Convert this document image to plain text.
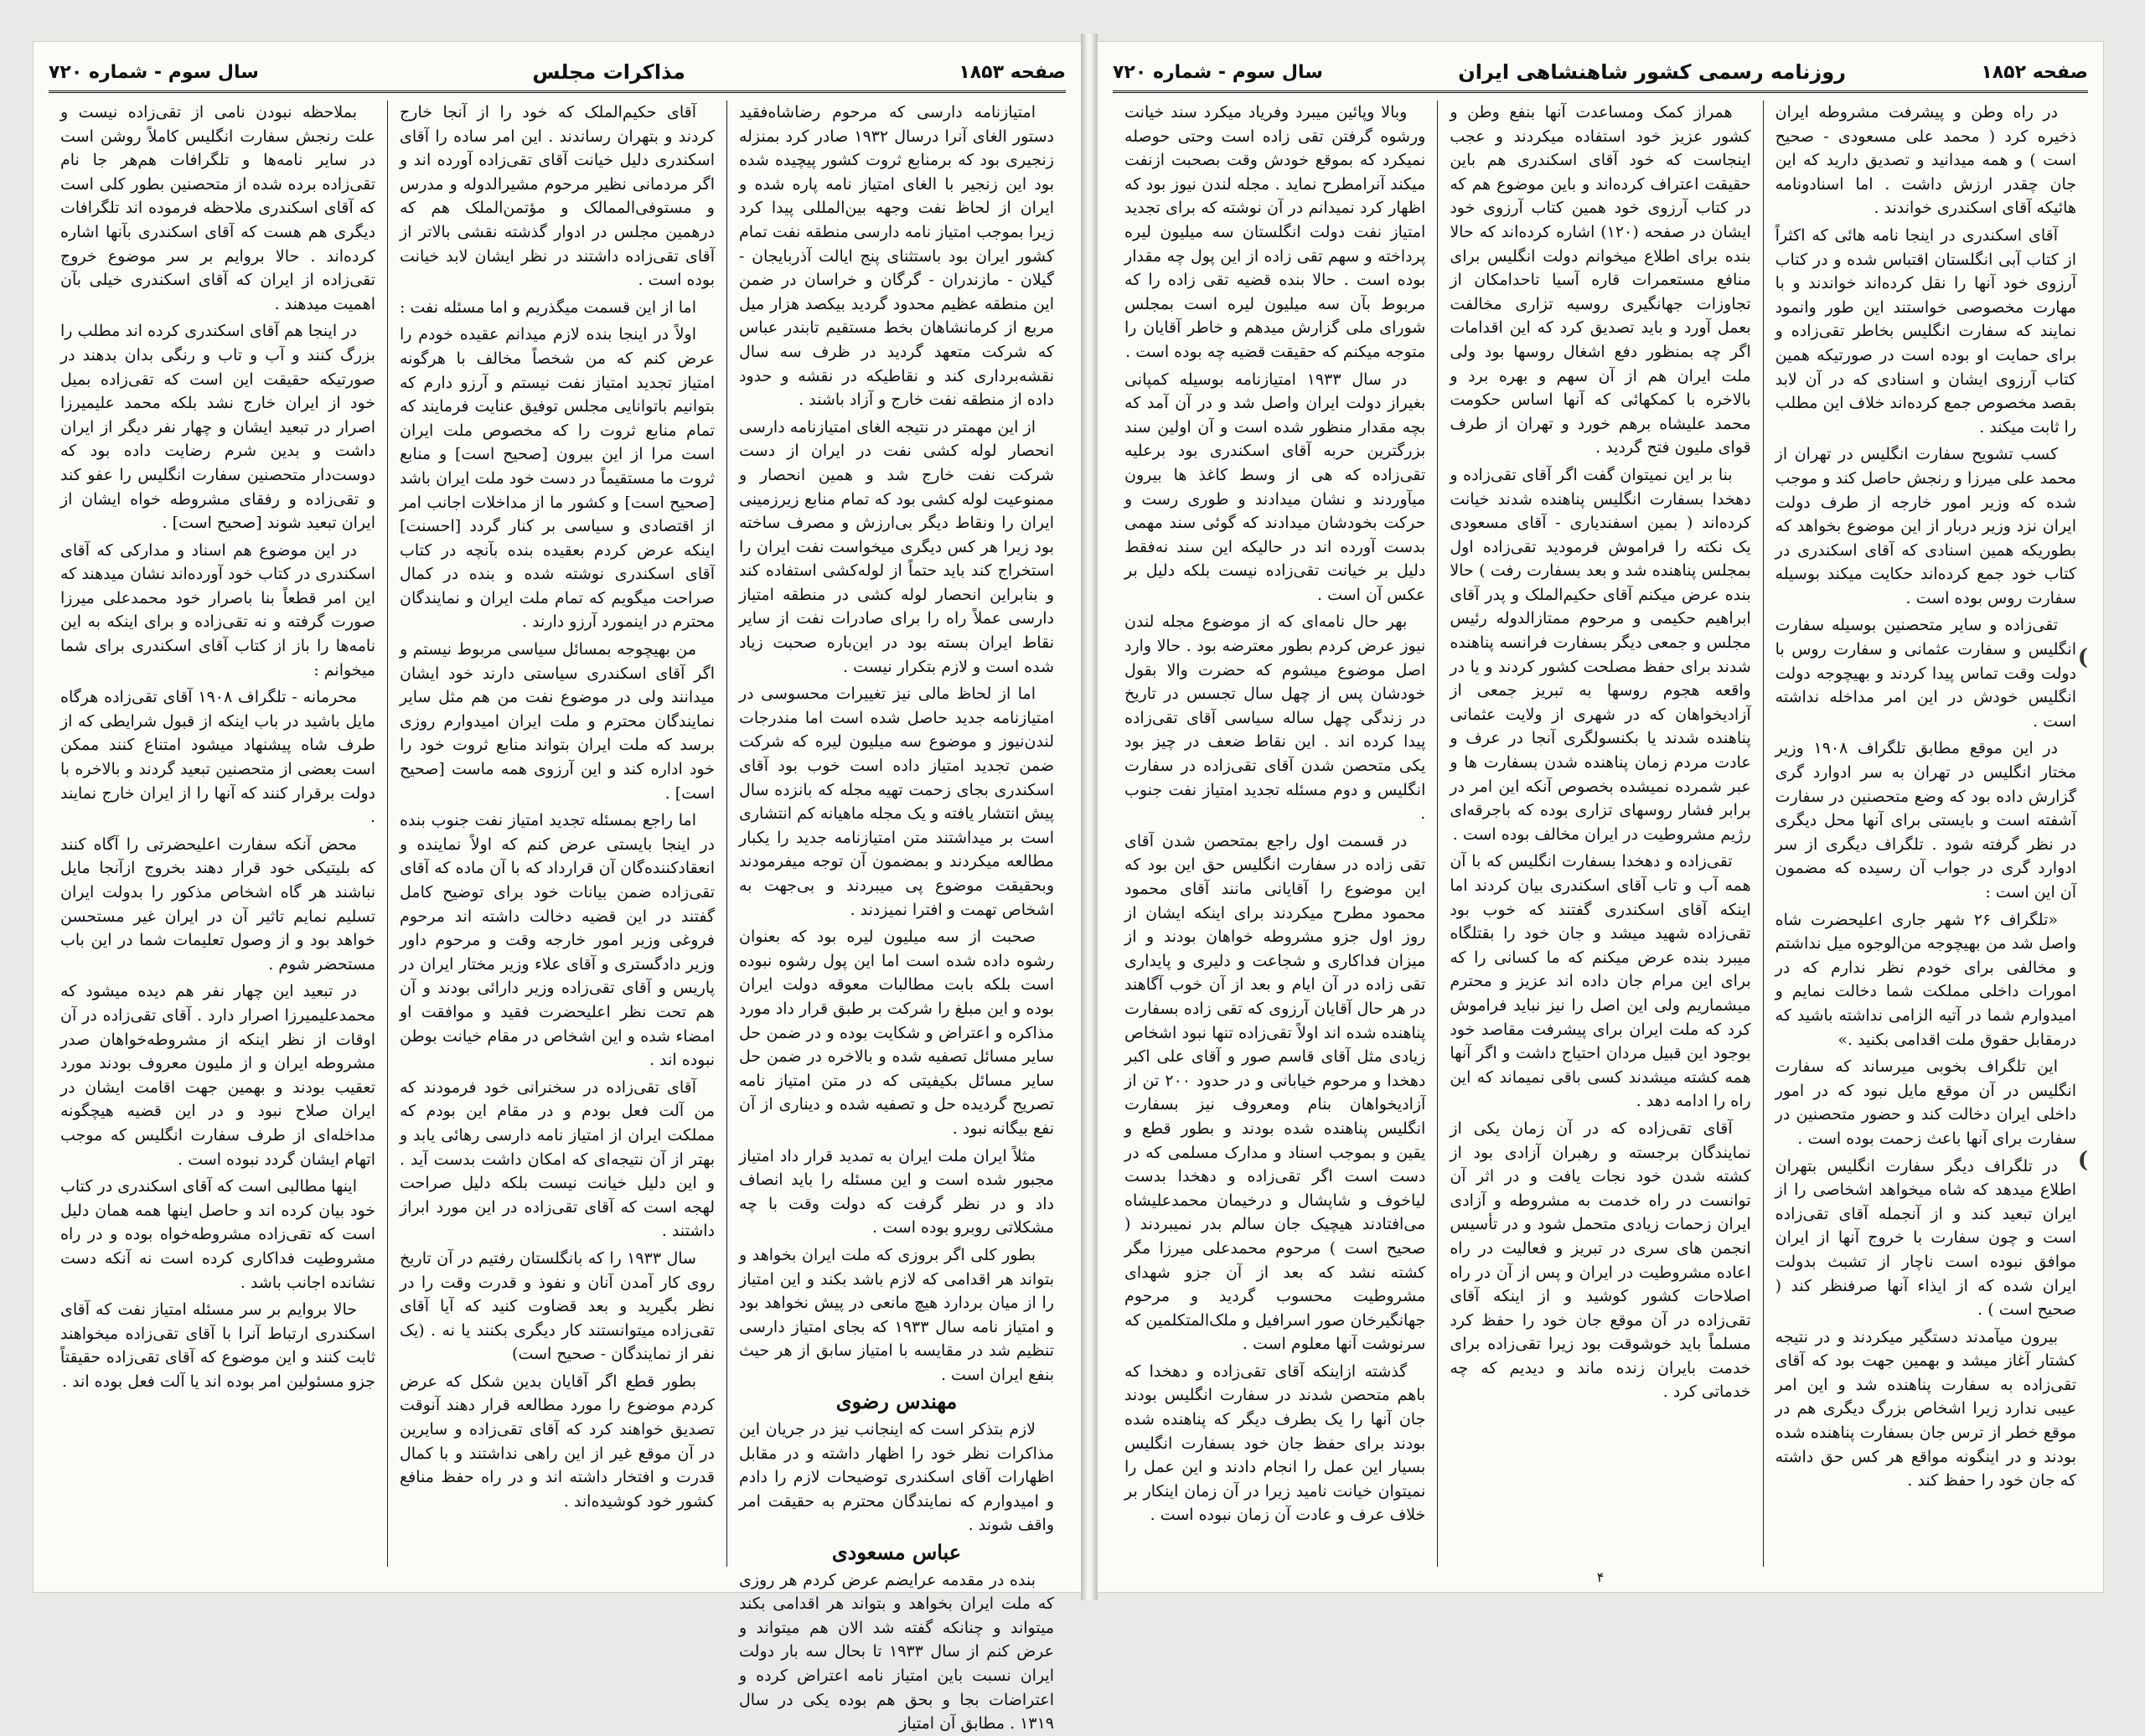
صفحه ۱۸۵۳
مذاکرات مجلس
سال سوم - شماره ۷۲۰

‏امتیازنامه دارسی که مرحوم رضاشاه‌فقید دستور الغای آنرا درسال ۱۹۳۲ صادر کرد بمنزله زنجیری بود که برمنابع ثروت کشور پیچیده شده بود این زنجیر با الغای امتیاز نامه پاره شده و ایران از لحاظ نفت وجهه بین‌المللی پیدا کرد زیرا بموجب امتیاز نامه دارسی منطقه نفت تمام کشور ایران بود باستثنای پنج ایالت آذربایجان - گیلان - مازندران - گرگان و خراسان در ضمن این منطقه عظیم محدود گردید بیکصد هزار میل مربع از کرمانشاهان بخط مستقیم تابندر عباس که شرکت متعهد گردید در ظرف سه سال نقشه‌برداری کند و نقاطیکه در نقشه و حدود داده از منطقه نفت خارج و آزاد باشند .

از این مهمتر در نتیجه الغای امتیازنامه دارسی انحصار لوله کشی نفت در ایران از دست شرکت نفت خارج شد و همین انحصار و ممنوعیت لوله کشی بود که تمام منابع زیرزمینی ایران را ونقاط دیگر بی‌ارزش و مصرف ساخته بود زیرا هر کس دیگری میخواست نفت ایران را استخراج کند باید حتماً از لوله‌کشی استفاده کند و بنابراین انحصار لوله کشی در منطقه امتیاز دارسی عملاً راه را برای صادرات نفت از سایر نقاط ایران بسته بود در این‌باره صحبت زیاد شده است و لازم بتکرار نیست .

اما از لحاظ مالی نیز تغییرات محسوسی در امتیازنامه جدید حاصل شده است اما مندرجات لندن‌نیوز و موضوع سه میلیون لیره که شرکت ضمن تجدید امتیاز داده است خوب بود آقای اسکندری بجای زحمت تهیه مجله که بانزده سال پیش انتشار یافته و یک مجله ماهیانه کم انتشاری است بر میداشتند متن امتیازنامه جدید را یکبار مطالعه میکردند و بمضمون آن توجه میفرمودند وبحقیقت موضوع پی میبردند و بی‌جهت به اشخاص تهمت و افترا نمیزدند .

صحبت از سه میلیون لیره بود که بعنوان رشوه داده شده است اما این پول رشوه نبوده است بلکه بابت مطالبات معوقه دولت ایران بوده و این مبلغ را شرکت بر طبق قرار داد مورد مذاکره و اعتراض و شکایت بوده و در ضمن حل سایر مسائل تصفیه شده و بالاخره در ضمن حل سایر مسائل بکیفیتی که در متن امتیاز نامه تصریح گردیده حل و تصفیه شده و دیناری از آن نفع بیگانه نبود .

مثلاً ایران ملت ایران به تمدید قرار داد امتیاز مجبور شده است و این مسئله را باید انصاف داد و در نظر گرفت که دولت وقت با چه مشکلاتی روبرو بوده است .

‏بطور کلی اگر بروزی که ملت ایران بخواهد و بتواند هر اقدامی که لازم باشد بکند و این امتیاز را از میان بردارد هیچ مانعی در پیش نخواهد بود و امتیاز نامه سال ۱۹۳۳ که بجای امتیاز دارسی تنظیم شد در مقایسه با امتیاز سابق از هر حیث بنفع ایران است .

مهندس رضوی

‏لازم بتذکر است که اینجانب نیز در جریان این مذاکرات نظر خود را اظهار داشته و در مقابل اظهارات آقای اسکندری توضیحات لازم را دادم و امیدوارم که نمایندگان محترم به حقیقت امر واقف شوند .

عباس مسعودی

بنده در مقدمه عرایضم عرض کردم هر روزی که ملت ایران بخواهد و بتواند هر اقدامی بکند میتواند و چنانکه گفته شد الان هم میتواند و عرض کنم از سال ۱۹۳۳ تا بحال سه بار دولت ایران نسبت باین امتیاز نامه اعتراض کرده و اعتراضات بجا و بحق هم بوده یکی در سال ۱۳۱۹ . مطابق آن امتیاز

‏آقای حکیم‌الملک که خود را از آنجا خارج کردند و بتهران رساندند . این امر ساده را آقای اسکندری دلیل خیانت آقای تقی‌زاده آورده اند و اگر مردمانی نظیر مرحوم مشیرالدوله و مدرس و مستوفی‌الممالک و مؤتمن‌الملک هم که درهمین مجلس در ادوار گذشته نقشی بالاتر از آقای تقی‌زاده داشتند در نظر ایشان لابد خیانت بوده است .

اما از این قسمت میگذریم و اما مسئله نفت :

اولاً در اینجا بنده لازم میدانم عقیده خودم را عرض کنم که من شخصاً مخالف با هرگونه امتیاز تجدید امتیاز نفت نیستم و آرزو دارم که بتوانیم باتوانایی مجلس توفیق عنایت فرمایند که تمام منابع ثروت را که مخصوص ملت ایران است مرا از این بیرون [صحیح است] و منابع ثروت ما مستقیماً در دست خود ملت ایران باشد [صحیح است] و کشور ما از مداخلات اجانب امر از اقتصادی و سیاسی بر کنار گردد [احسنت] اینکه عرض کردم بعقیده بنده بآنچه در کتاب آقای اسکندری نوشته شده و بنده در کمال صراحت میگویم که تمام ملت ایران و نمایندگان محترم در اینمورد آرزو دارند .

من بهیچوجه بمسائل سیاسی مربوط نیستم و اگر آقای اسکندری سیاستی دارند خود ایشان میدانند ولی در موضوع نفت من هم مثل سایر نمایندگان محترم و ملت ایران امیدوارم روزی برسد که ملت ایران بتواند منابع ثروت خود را خود اداره کند و این آرزوی همه ماست [صحیح است] .

اما راجع بمسئله تجدید امتیاز نفت جنوب بنده در اینجا بایستی عرض کنم که اولاً نماینده و انعقادکننده‌گان آن قرارداد که با آن ماده که آقای تقی‌زاده ضمن بیانات خود برای توضیح کامل گفتند در این قضیه دخالت داشته اند مرحوم فروغی وزیر امور خارجه وقت و مرحوم داور وزیر دادگستری و آقای علاء وزیر مختار ایران در پاریس و آقای تقی‌زاده وزیر دارائی بودند و آن هم تحت نظر اعلیحضرت فقید و موافقت او امضاء شده و این اشخاص در مقام خیانت بوطن نبوده اند .

آقای تقی‌زاده در سخنرانی خود فرمودند که من آلت فعل بودم و در مقام این بودم که مملکت ایران از امتیاز نامه دارسی رهائی یابد و بهتر از آن نتیجه‌ای که امکان داشت بدست آید . و این دلیل خیانت نیست بلکه دلیل صراحت لهجه است که آقای تقی‌زاده در این مورد ابراز داشتند .

سال ۱۹۳۳ را که بانگلستان رفتیم در آن تاریخ روی کار آمدن آنان و نفوذ و قدرت وقت را در نظر بگیرید و بعد قضاوت کنید که آیا آقای تقی‌زاده میتوانستند کار دیگری بکنند یا نه . (یک نفر از نمایندگان - صحیح است)

بطور قطع اگر آقایان بدین شکل که عرض کردم موضوع را مورد مطالعه قرار دهند آنوقت تصدیق خواهند کرد که آقای تقی‌زاده و سایرین در آن موقع غیر از این راهی نداشتند و با کمال قدرت و افتخار داشته اند و در راه حفظ منافع کشور خود کوشیده‌اند .

‏بملاحظه نبودن نامی از تقی‌زاده نیست و علت رنجش سفارت انگلیس کاملاً روشن است در سایر نامه‌ها و تلگرافات هم‌هر جا نام تقی‌زاده برده شده از متحصنین بطور کلی است که آقای اسکندری ملاحظه فرموده اند تلگرافات دیگری هم هست که آقای اسکندری بآنها اشاره کرده‌اند . حالا بروایم بر سر موضوع خروج تقی‌زاده از ایران که آقای اسکندری خیلی بآن اهمیت میدهند .

در اینجا هم آقای اسکندری کرده اند مطلب را بزرگ کنند و آب و تاب و رنگی بدان بدهند در صورتیکه حقیقت این است که تقی‌زاده بمیل خود از ایران خارج نشد بلکه محمد علیمیرزا اصرار در تبعید ایشان و چهار نفر دیگر از ایران داشت و بدین شرم رضایت داده بود که دوست‌دار متحصنین سفارت انگلیس را عفو کند و تقی‌زاده و رفقای مشروطه خواه ایشان از ایران تبعید شوند [صحیح است] .

در این موضوع هم اسناد و مدارکی که آقای اسکندری در کتاب خود آورده‌اند نشان میدهند که این امر قطعاً بنا باصرار خود محمدعلی میرزا صورت گرفته و نه تقی‌زاده و برای اینکه به این نامه‌ها را باز از کتاب آقای اسکندری برای شما میخوانم :

‏محرمانه - تلگراف ۱۹۰۸ آقای تقی‌زاده هرگاه مایل باشید در باب اینکه از قبول شرایطی که از طرف شاه پیشنهاد میشود امتناع کنند ممکن است بعضی از متحصنین تبعید گردند و بالاخره با دولت برقرار کنند که آنها را از ایران خارج نمایند .

محض آنکه سفارت اعلیحضرتی را آگاه کنند که بلیتیکی خود قرار دهند بخروج ازآنجا مایل نباشند هر گاه اشخاص مذکور را بدولت ایران تسلیم نمایم تاثیر آن در ایران غیر مستحسن خواهد بود و از وصول تعلیمات شما در این باب مستحضر شوم .

در تبعید این چهار نفر هم دیده میشود که محمدعلیمیرزا اصرار دارد . آقای تقی‌زاده در آن اوقات از نظر اینکه از مشروطه‌خواهان صدر مشروطه ایران و از ملیون معروف بودند مورد تعقیب بودند و بهمین جهت اقامت ایشان در ایران صلاح نبود و در این قضیه هیچگونه مداخله‌ای از طرف سفارت انگلیس که موجب اتهام ایشان گردد نبوده است .

‏اینها مطالبی است که آقای اسکندری در کتاب خود بیان کرده اند و حاصل اینها همه همان دلیل است که تقی‌زاده مشروطه‌خواه بوده و در راه مشروطیت فداکاری کرده است نه آنکه دست نشانده اجانب باشد .

حالا بروایم بر سر مسئله امتیاز نفت که آقای اسکندری ارتباط آنرا با آقای تقی‌زاده میخواهند ثابت کنند و این موضوع که آقای تقی‌زاده حقیقتاً جزو مسئولین امر بوده اند یا آلت فعل بوده اند .

صفحه ۱۸۵۲
روزنامه رسمی کشور شاهنشاهی ایران
سال سوم - شماره ۷۲۰

‏در راه وطن و پیشرفت مشروطه ایران ذخیره کرد ( محمد علی مسعودی - صحیح است ) و همه میدانید و تصدیق دارید که این جان چقدر ارزش داشت . اما اسنادونامه هائیکه آقای اسکندری خواندند .

آقای اسکندری در اینجا نامه هائی که اکثراً از کتاب آبی انگلستان اقتباس شده و در کتاب آرزوی خود آنها را نقل کرده‌اند خواندند و با مهارت مخصوصی خواستند این طور وانمود نمایند که سفارت انگلیس بخاطر تقی‌زاده و برای حمایت او بوده است در صورتیکه همین کتاب آرزوی ایشان و اسنادی که در آن لابد بقصد مخصوص جمع کرده‌اند خلاف این مطلب را ثابت میکند .

کسب تشویح سفارت انگلیس در تهران از محمد علی میرزا و رنجش حاصل کند و موجب شده که وزیر امور خارجه از طرف دولت ایران نزد وزیر دربار از این موضوع بخواهد که بطوریکه همین اسنادی که آقای اسکندری در کتاب خود جمع کرده‌اند حکایت میکند بوسیله سفارت روس بوده است .

تقی‌زاده و سایر متحصنین بوسیله سفارت انگلیس و سفارت عثمانی و سفارت روس با دولت وقت تماس پیدا کردند و بهیچوجه دولت انگلیس خودش در این امر مداخله نداشته است .

‏در این موقع مطابق تلگراف ۱۹۰۸ وزیر مختار انگلیس در تهران به سر ادوارد گری گزارش داده بود که وضع متحصنین در سفارت آشفته است و بایستی برای آنها محل دیگری در نظر گرفته شود . تلگراف دیگری از سر ادوارد گری در جواب آن رسیده که مضمون آن این است :

‏«تلگراف ۲۶ شهر جاری اعلیحضرت شاه واصل شد من بهیچوجه من‌الوجوه میل نداشتم و مخالفی برای خودم نظر ندارم که در امورات داخلی مملکت شما دخالت نمایم و امیدوارم شما در آتیه الزامی نداشته باشید که درمقابل حقوق ملت اقدامی بکنید .»

‏این تلگراف بخوبی میرساند که سفارت انگلیس در آن موقع مایل نبود که در امور داخلی ایران دخالت کند و حضور متحصنین در سفارت برای آنها باعث زحمت بوده است .

در تلگراف دیگر سفارت انگلیس بتهران اطلاع میدهد که شاه میخواهد اشخاصی را از ایران تبعید کند و از آنجمله آقای تقی‌زاده است و چون سفارت با خروج آنها از ایران موافق نبوده است ناچار از تشبث بدولت ایران شده که از ایذاء آنها صرفنظر کند ( صحیح است ) .

بیرون میآمدند دستگیر میکردند و در نتیجه کشتار آغاز میشد و بهمین جهت بود که آقای تقی‌زاده به سفارت پناهنده شد و این امر عیبی ندارد زیرا اشخاص بزرگ دیگری هم در موقع خطر از ترس جان بسفارت پناهنده شده بودند و در اینگونه مواقع هر کس حق داشته که جان خود را حفظ کند .

‏همراز کمک ومساعدت آنها بنفع وطن و کشور عزیز خود استفاده میکردند و عجب اینجاست که خود آقای اسکندری هم باین حقیقت اعتراف کرده‌اند و باین موضوع هم که در کتاب آرزوی خود همین کتاب آرزوی خود ایشان در صفحه (۱۲۰) اشاره کرده‌اند که حالا بنده برای اطلاع میخوانم دولت انگلیس برای منافع مستعمرات قاره آسیا تاحدامکان از تجاوزات جهانگیری روسیه تزاری مخالفت بعمل آورد و باید تصدیق کرد که این اقدامات اگر چه بمنظور دفع اشغال روسها بود ولی ملت ایران هم از آن سهم و بهره برد و بالاخره با کمکهائی که آنها اساس حکومت محمد علیشاه برهم خورد و تهران از طرف قوای ملیون فتح گردید .

بنا بر این نمیتوان گفت اگر آقای تقی‌زاده و دهخدا بسفارت انگلیس پناهنده شدند خیانت کرده‌اند ( بمین اسفندیاری - آقای مسعودی یک نکته را فراموش فرمودید تقی‌زاده اول بمجلس پناهنده شد و بعد بسفارت رفت ) حالا بنده عرض میکنم آقای حکیم‌الملک و پدر آقای ابراهیم حکیمی و مرحوم ممتازالدوله رئیس مجلس و جمعی دیگر بسفارت فرانسه پناهنده شدند برای حفظ مصلحت کشور کردند و یا در واقعه هجوم روسها به تبریز جمعی از آزادیخواهان که در شهری از ولایت عثمانی پناهنده شدند یا بکنسولگری آنجا در عرف و عادت مردم زمان پناهنده شدن بسفارت ها و عبر شمرده نمیشده بخصوص آنکه این امر در برابر فشار روسهای تزاری بوده که باجرقه‌ای رژیم مشروطیت در ایران مخالف بوده است .

تقی‌زاده و دهخدا بسفارت انگلیس که با آن همه آب و تاب آقای اسکندری بیان کردند اما اینکه آقای اسکندری گفتند که خوب بود تقی‌زاده شهید میشد و جان خود را بقتلگاه میبرد بنده عرض میکنم که ما کسانی را که برای این مرام جان داده اند عزیز و محترم میشماریم ولی این اصل را نیز نباید فراموش کرد که ملت ایران برای پیشرفت مقاصد خود بوجود این قبیل مردان احتیاج داشت و اگر آنها همه کشته میشدند کسی باقی نمیماند که این راه را ادامه دهد .

آقای تقی‌زاده که در آن زمان یکی از نمایندگان برجسته و رهبران آزادی بود از کشته شدن خود نجات یافت و در اثر آن توانست در راه خدمت به مشروطه و آزادی ایران زحمات زیادی متحمل شود و در تأسیس انجمن های سری در تبریز و فعالیت در راه اعاده مشروطیت در ایران و پس از آن در راه اصلاحات کشور کوشید و از اینکه آقای تقی‌زاده در آن موقع جان خود را حفظ کرد مسلماً باید خوشوقت بود زیرا تقی‌زاده برای خدمت بایران زنده ماند و دیدیم که چه خدماتی کرد .

‏وبالا وپائین میبرد وفریاد میکرد سند خیانت ورشوه گرفتن تقی زاده است وحتی حوصله نمیکرد که بموقع خودش وقت بصحبت ازنفت میکند آنرامطرح نماید . مجله لندن نیوز بود که اظهار کرد نمیدانم در آن نوشته که برای تجدید امتیاز نفت دولت انگلستان سه میلیون لیره پرداخته و سهم تقی زاده از این پول چه مقدار بوده است . حالا بنده قضیه تقی زاده را که مربوط بآن سه میلیون لیره است بمجلس شورای ملی گزارش میدهم و خاطر آقایان را متوجه میکنم که حقیقت قضیه چه بوده است .

‏در سال ۱۹۳۳ امتیازنامه بوسیله کمپانی بغیراز دولت ایران واصل شد و در آن آمد که بچه مقدار منظور شده است و آن اولین سند بزرگترین حربه آقای اسکندری بود برعلیه تقی‌زاده که هی از وسط کاغذ ها بیرون میآوردند و نشان میدادند و طوری رست و حرکت بخودشان میدادند که گوئی سند مهمی بدست آورده اند در حالیکه این سند نه‌فقط دلیل بر خیانت تقی‌زاده نیست بلکه دلیل بر عکس آن است .

‏بهر حال نامه‌ای که از موضوع مجله لندن نیوز عرض کردم بطور معترضه بود . حالا وارد اصل موضوع میشوم که حضرت والا بقول خودشان پس از چهل سال تجسس در تاریخ در زندگی چهل ساله سیاسی آقای تقی‌زاده پیدا کرده اند . این نقاط ضعف در چیز بود یکی متحصن شدن آقای تقی‌زاده در سفارت انگلیس و دوم مسئله تجدید امتیاز نفت جنوب .

‏در قسمت اول راجع بمتحصن شدن آقای تقی زاده در سفارت انگلیس حق این بود که این موضوع را آقایانی مانند آقای محمود محمود مطرح میکردند برای اینکه ایشان از روز اول جزو مشروطه خواهان بودند و از میزان فداکاری و شجاعت و دلیری و پایداری تقی زاده در آن ایام و بعد از آن خوب آگاهند در هر حال آقایان آرزوی که تقی زاده بسفارت پناهنده شده اند اولاً تقی‌زاده تنها نبود اشخاص زیادی مثل آقای قاسم صور و آقای علی اکبر دهخدا و مرحوم خیابانی و در حدود ۲۰۰ تن از آزادیخواهان بنام ومعروف نیز بسفارت انگلیس پناهنده شده بودند و بطور قطع و یقین و بموجب اسناد و مدارک مسلمی که در دست است اگر تقی‌زاده و دهخدا بدست لیاخوف و شاپشال و درخیمان محمدعلیشاه می‌افتادند هیچیک جان سالم بدر نمیبردند ( صحیح است ) مرحوم محمدعلی میرزا مگر کشته نشد که بعد از آن جزو شهدای مشروطیت محسوب گردید و مرحوم جهانگیرخان صور اسرافیل و ملک‌المتکلمین که سرنوشت آنها معلوم است .

‏گذشته ازاینکه آقای تقی‌زاده و دهخدا که باهم متحصن شدند در سفارت انگلیس بودند جان آنها را یک بطرف دیگر که پناهنده شده بودند برای حفظ جان خود بسفارت انگلیس بسیار این عمل را انجام دادند و این عمل را نمیتوان خیانت نامید زیرا در آن زمان اینکار بر خلاف عرف و عادت آن زمان نبوده است .

۴
(
(
